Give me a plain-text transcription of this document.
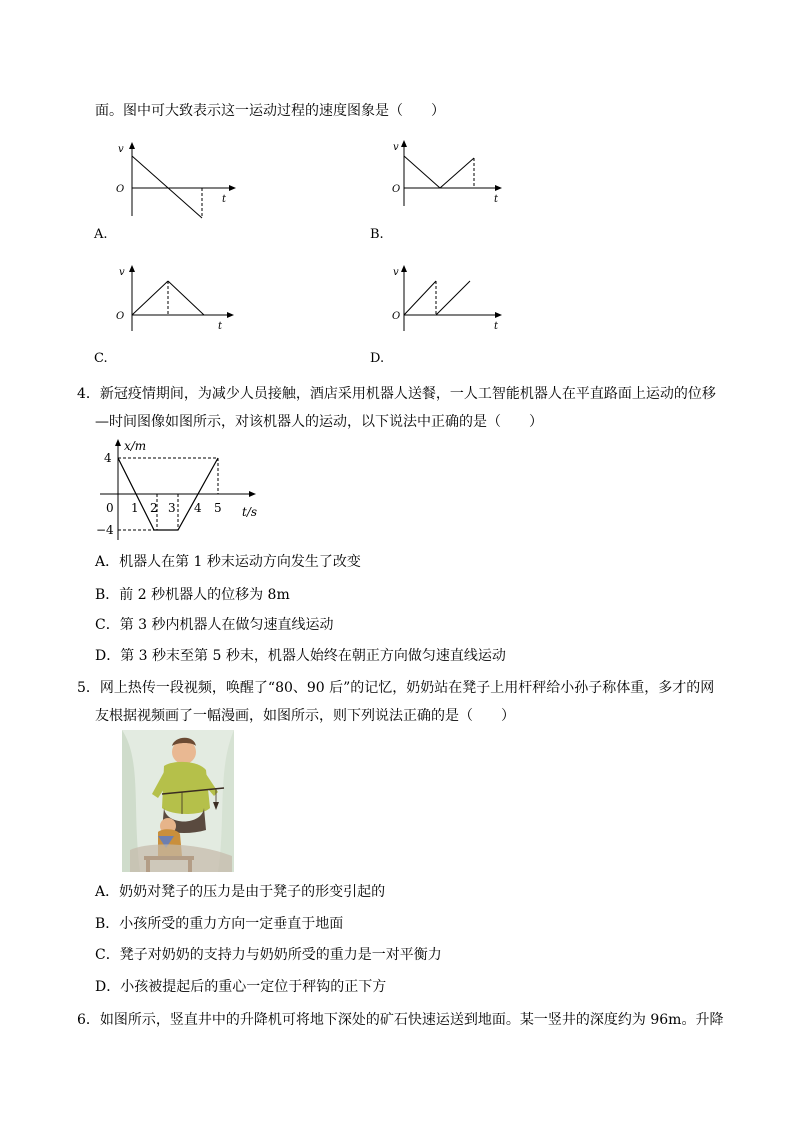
面。图中可大致表示这一运动过程的速度图象是（　　）
v
O
t
A.
v
O
t
B.
v
O
t
C.
v
O
t
D.
4．新冠疫情期间，为减少人员接触，酒店采用机器人送餐，一人工智能机器人在平直路面上运动的位移
—时间图像如图所示，对该机器人的运动，以下说法中正确的是（　　）
x/m
t/s
4
−4
0 1 2 3 4 5
A．机器人在第 1 秒末运动方向发生了改变
B．前 2 秒机器人的位移为 8m
C．第 3 秒内机器人在做匀速直线运动
D．第 3 秒末至第 5 秒末，机器人始终在朝正方向做匀速直线运动
5．网上热传一段视频，唤醒了“80、90 后”的记忆，奶奶站在凳子上用杆秤给小孙子称体重，多才的网
友根据视频画了一幅漫画，如图所示，则下列说法正确的是（　　）
A．奶奶对凳子的压力是由于凳子的形变引起的
B．小孩所受的重力方向一定垂直于地面
C．凳子对奶奶的支持力与奶奶所受的重力是一对平衡力
D．小孩被提起后的重心一定位于秤钩的正下方
6．如图所示，竖直井中的升降机可将地下深处的矿石快速运送到地面。某一竖井的深度约为 96m。升降
